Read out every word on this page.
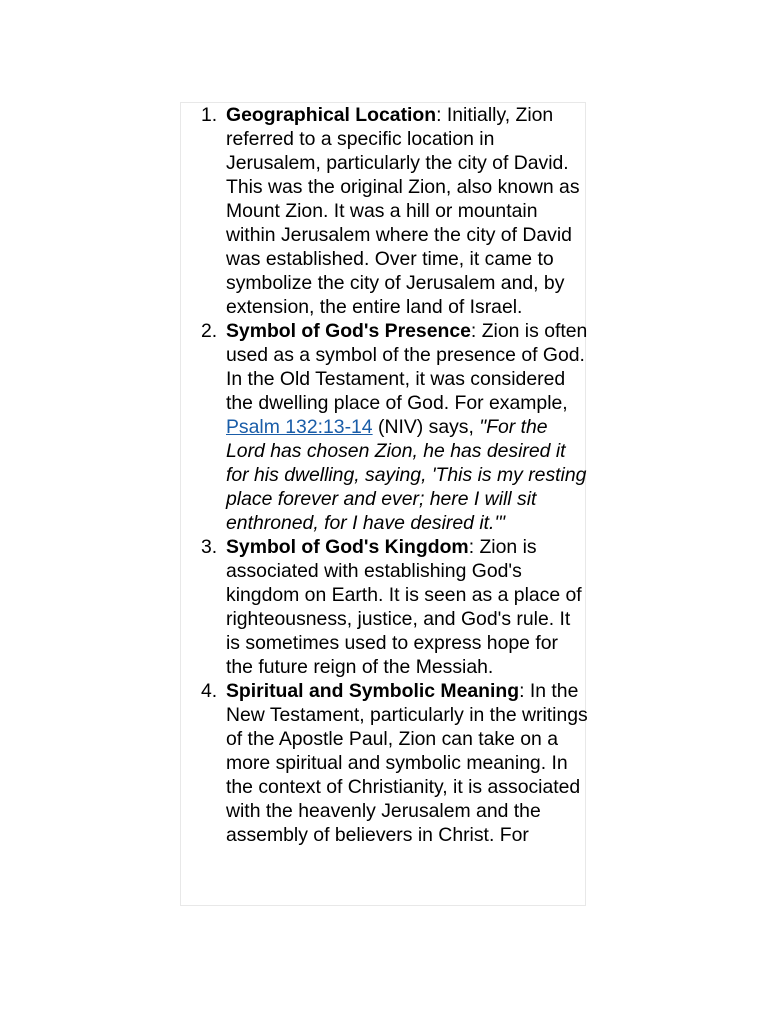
1. Geographical Location: Initially, Zion referred to a specific location in Jerusalem, particularly the city of David. This was the original Zion, also known as Mount Zion. It was a hill or mountain within Jerusalem where the city of David was established. Over time, it came to symbolize the city of Jerusalem and, by extension, the entire land of Israel.
2. Symbol of God's Presence: Zion is often used as a symbol of the presence of God. In the Old Testament, it was considered the dwelling place of God. For example, Psalm 132:13-14 (NIV) says, "For the Lord has chosen Zion, he has desired it for his dwelling, saying, 'This is my resting place forever and ever; here I will sit enthroned, for I have desired it.'"
3. Symbol of God's Kingdom: Zion is associated with establishing God's kingdom on Earth. It is seen as a place of righteousness, justice, and God's rule. It is sometimes used to express hope for the future reign of the Messiah.
4. Spiritual and Symbolic Meaning: In the New Testament, particularly in the writings of the Apostle Paul, Zion can take on a more spiritual and symbolic meaning. In the context of Christianity, it is associated with the heavenly Jerusalem and the assembly of believers in Christ. For
